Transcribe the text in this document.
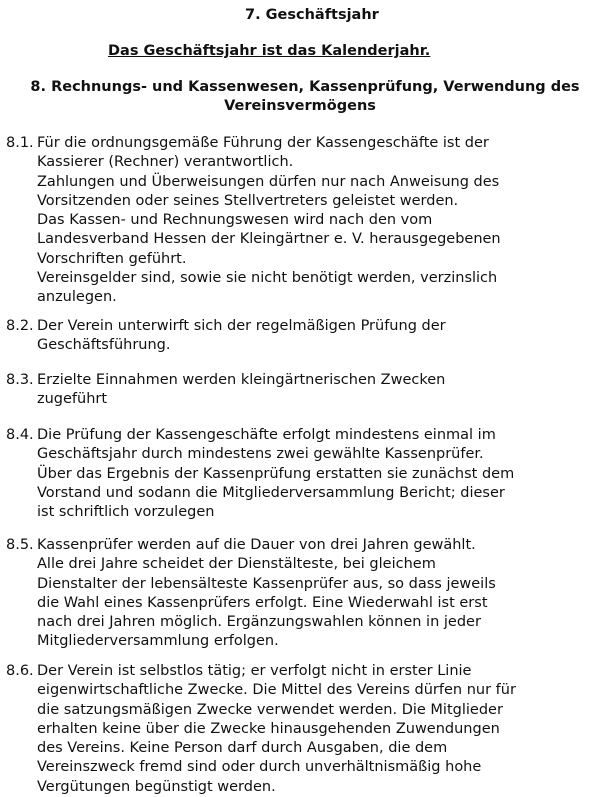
7. Geschäftsjahr
Das Geschäftsjahr ist das Kalenderjahr.
8. Rechnungs- und Kassenwesen, Kassenprüfung, Verwendung des
Vereinsvermögens
8.1. Für die ordnungsgemäße Führung der Kassengeschäfte ist der
Kassierer (Rechner) verantwortlich.
Zahlungen und Überweisungen dürfen nur nach Anweisung des
Vorsitzenden oder seines Stellvertreters geleistet werden.
Das Kassen- und Rechnungswesen wird nach den vom
Landesverband Hessen der Kleingärtner e. V. herausgegebenen
Vorschriften geführt.
Vereinsgelder sind, sowie sie nicht benötigt werden, verzinslich
anzulegen.
8.2. Der Verein unterwirft sich der regelmäßigen Prüfung der
Geschäftsführung.
8.3. Erzielte Einnahmen werden kleingärtnerischen Zwecken
zugeführt
8.4. Die Prüfung der Kassengeschäfte erfolgt mindestens einmal im
Geschäftsjahr durch mindestens zwei gewählte Kassenprüfer.
Über das Ergebnis der Kassenprüfung erstatten sie zunächst dem
Vorstand und sodann die Mitgliederversammlung Bericht; dieser
ist schriftlich vorzulegen
8.5. Kassenprüfer werden auf die Dauer von drei Jahren gewählt.
Alle drei Jahre scheidet der Dienstälteste, bei gleichem
Dienstalter der lebensälteste Kassenprüfer aus, so dass jeweils
die Wahl eines Kassenprüfers erfolgt. Eine Wiederwahl ist erst
nach drei Jahren möglich. Ergänzungswahlen können in jeder
Mitgliederversammlung erfolgen.
8.6. Der Verein ist selbstlos tätig; er verfolgt nicht in erster Linie
eigenwirtschaftliche Zwecke. Die Mittel des Vereins dürfen nur für
die satzungsmäßigen Zwecke verwendet werden. Die Mitglieder
erhalten keine über die Zwecke hinausgehenden Zuwendungen
des Vereins. Keine Person darf durch Ausgaben, die dem
Vereinszweck fremd sind oder durch unverhältnismäßig hohe
Vergütungen begünstigt werden.
